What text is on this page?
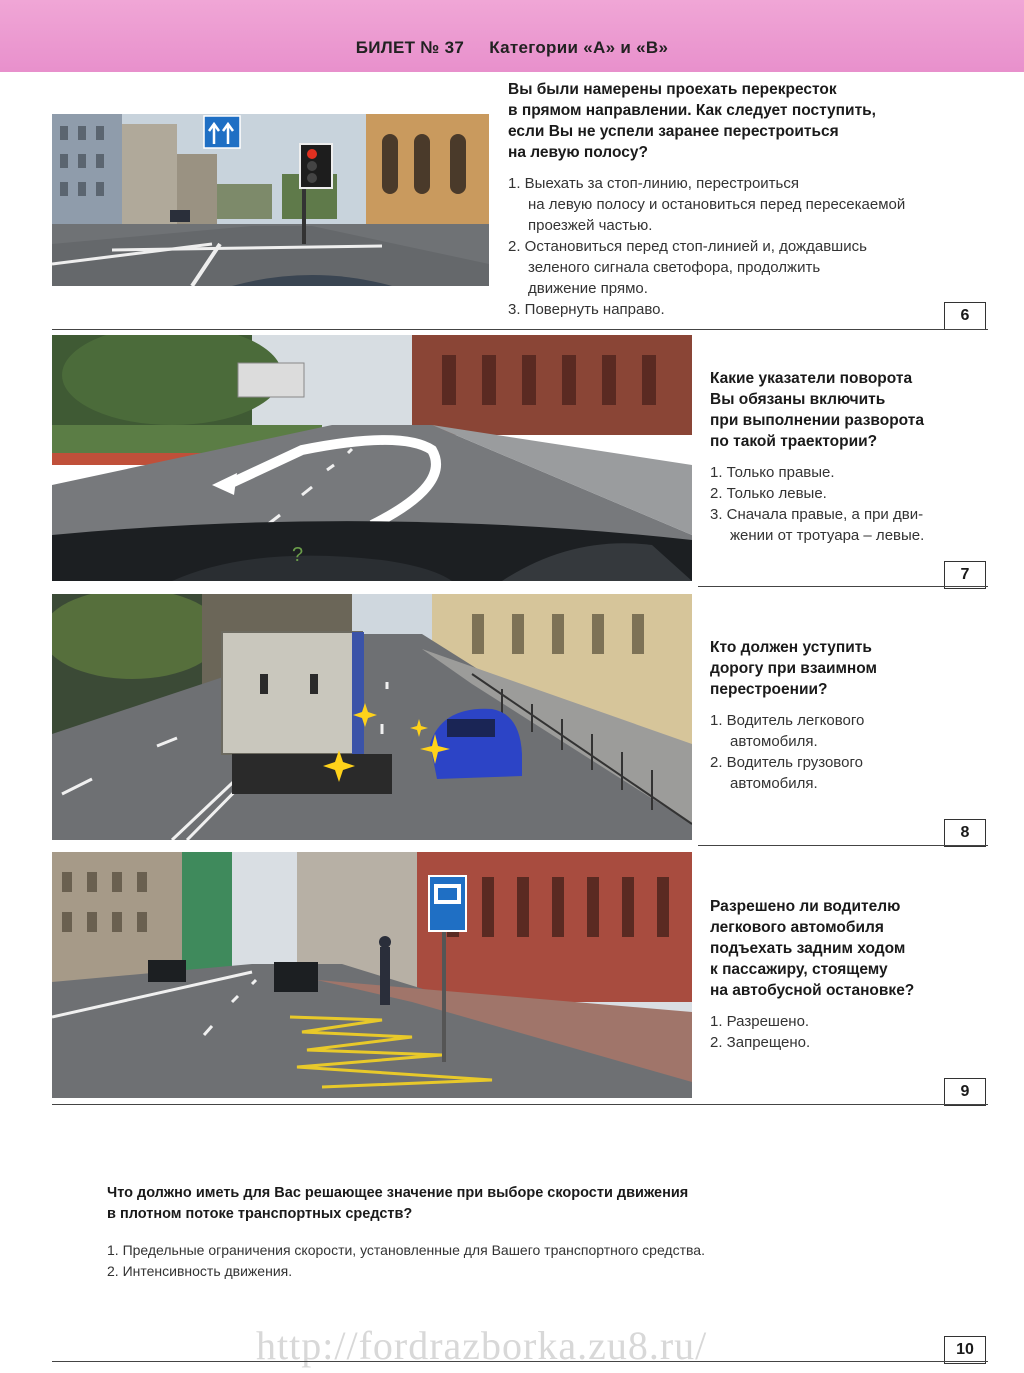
БИЛЕТ № 37 Категории «А» и «В»
Вы были намерены проехать перекресток
в прямом направлении. Как следует поступить,
если Вы не успели заранее перестроиться
на левую полосу?
1. Выехать за стоп-линию, перестроиться
на левую полосу и остановиться перед пересекаемой
проезжей частью.
2. Остановиться перед стоп-линией и, дождавшись
зеленого сигнала светофора, продолжить
движение прямо.
3. Повернуть направо.	6
?
Какие указатели поворота
Вы обязаны включить
при выполнении разворота
по такой траектории?
1. Только правые.
2. Только левые.
3. Сначала правые, а при дви-
жении от тротуара – левые.
7
Кто должен уступить
дорогу при взаимном
перестроении?
1. Водитель легкового
автомобиля.
2. Водитель грузового
автомобиля.
8
Разрешено ли водителю
легкового автомобиля
подъехать задним ходом
к пассажиру, стоящему
на автобусной остановке?
1. Разрешено.
2. Запрещено.
9
Что должно иметь для Вас решающее значение при выборе скорости движения
в плотном потоке транспортных средств?
1. Предельные ограничения скорости, установленные для Вашего транспортного средства.
2. Интенсивность движения.
http://fordrazborka.zu8.ru/	10
